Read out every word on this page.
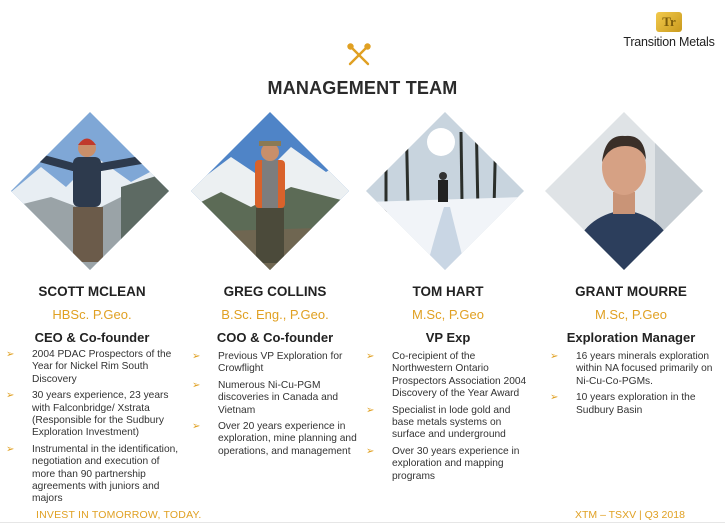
Tr
Transition Metals
MANAGEMENT TEAM
SCOTT MCLEAN
HBSc. P.Geo.
CEO & Co-founder
➢ 2004 PDAC Prospectors of the Year for Nickel Rim South Discovery
➢ 30 years experience, 23 years with Falconbridge/ Xstrata (Responsible for the Sudbury Exploration Investment)
➢ Instrumental in the identification, negotiation and execution of more than 90 partnership agreements with juniors and majors
GREG COLLINS
B.Sc. Eng., P.Geo.
COO & Co-founder
➢ Previous VP Exploration for Crowflight
➢ Numerous Ni-Cu-PGM discoveries in Canada and Vietnam
➢ Over 20 years experience in exploration, mine planning and operations, and management
TOM HART
M.Sc, P.Geo
VP Exp
➢ Co-recipient of the Northwestern Ontario Prospectors Association 2004 Discovery of the Year Award
➢ Specialist in lode gold and base metals systems on surface and underground
➢ Over 30 years experience in exploration and mapping programs
GRANT MOURRE
M.Sc, P.Geo
Exploration Manager
➢ 16 years minerals exploration within NA focused primarily on Ni-Cu-Co-PGMs.
➢ 10 years exploration in the Sudbury Basin
INVEST IN TOMORROW, TODAY.	XTM – TSXV | Q3 2018
